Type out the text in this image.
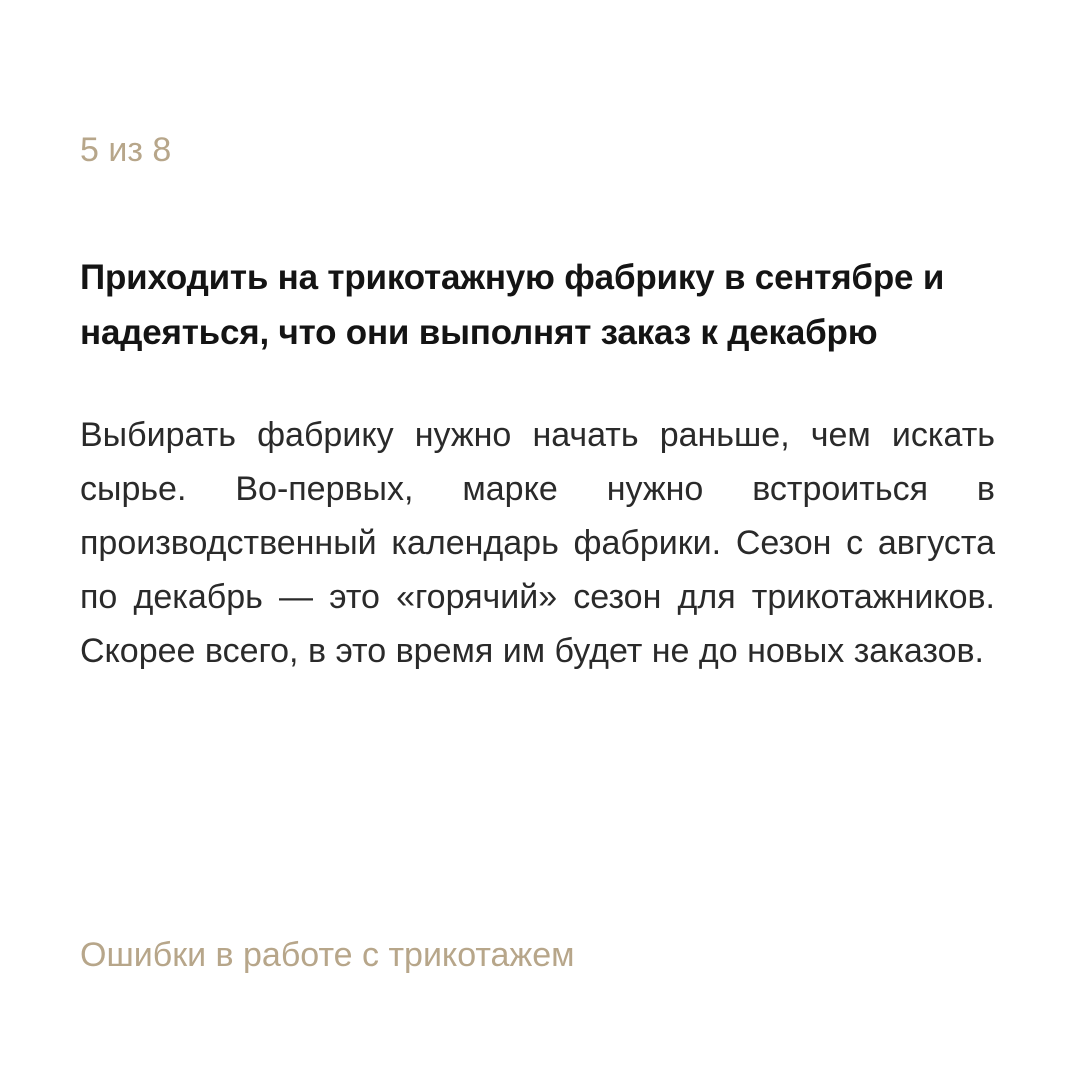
5 из 8

Приходить на трикотажную фабрику в сентябре и надеяться, что они выполнят заказ к декабрю

Выбирать фабрику нужно начать раньше, чем искать сырье. Во-первых, марке нужно встроиться в производственный календарь фабрики. Сезон с августа по декабрь — это «горячий» сезон для трикотажников. Скорее всего, в это время им будет не до новых заказов.

Ошибки в работе с трикотажем
